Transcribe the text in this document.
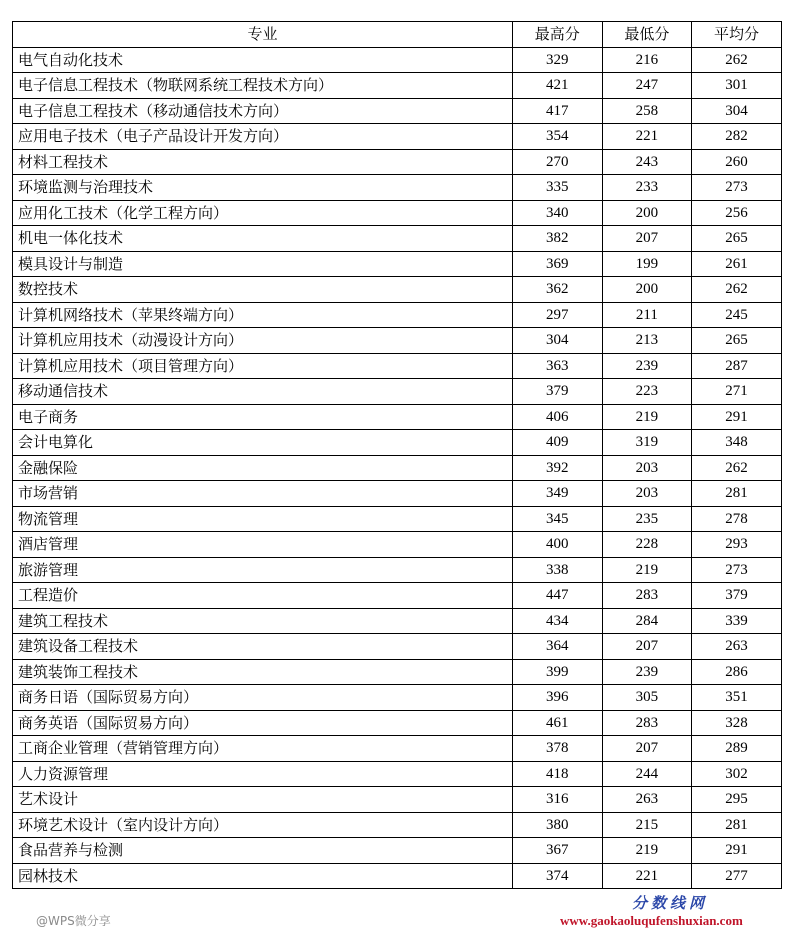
专业	最高分	最低分	平均分
电气自动化技术	329	216	262
电子信息工程技术（物联网系统工程技术方向）	421	247	301
电子信息工程技术（移动通信技术方向）	417	258	304
应用电子技术（电子产品设计开发方向）	354	221	282
材料工程技术	270	243	260
环境监测与治理技术	335	233	273
应用化工技术（化学工程方向）	340	200	256
机电一体化技术	382	207	265
模具设计与制造	369	199	261
数控技术	362	200	262
计算机网络技术（苹果终端方向）	297	211	245
计算机应用技术（动漫设计方向）	304	213	265
计算机应用技术（项目管理方向）	363	239	287
移动通信技术	379	223	271
电子商务	406	219	291
会计电算化	409	319	348
金融保险	392	203	262
市场营销	349	203	281
物流管理	345	235	278
酒店管理	400	228	293
旅游管理	338	219	273
工程造价	447	283	379
建筑工程技术	434	284	339
建筑设备工程技术	364	207	263
建筑装饰工程技术	399	239	286
商务日语（国际贸易方向）	396	305	351
商务英语（国际贸易方向）	461	283	328
工商企业管理（营销管理方向）	378	207	289
人力资源管理	418	244	302
艺术设计	316	263	295
环境艺术设计（室内设计方向）	380	215	281
食品营养与检测	367	219	291
园林技术	374	221	277
@WPS微分享
分数线网
www.gaokaoluqufenshuxian.com
